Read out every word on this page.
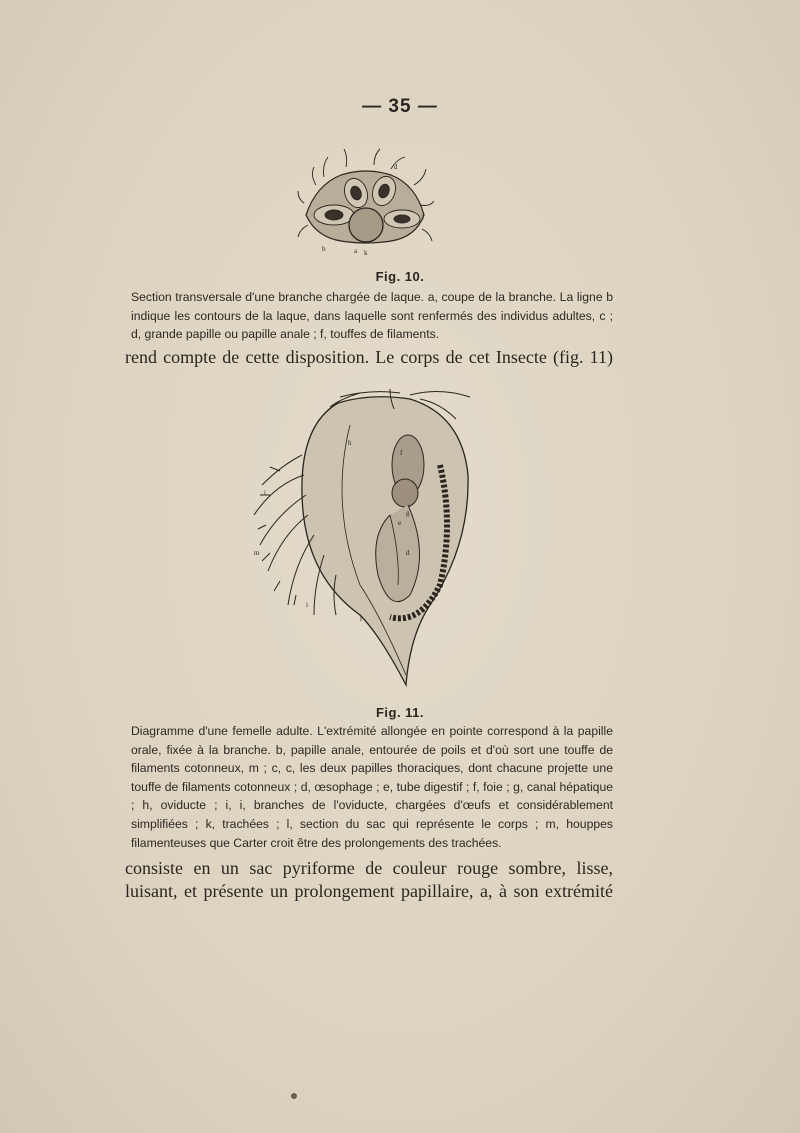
— 35 —
b	a k
d
f
Fig. 10.

Section transversale d'une branche chargée de laque. a, coupe de la branche. La ligne b indique les contours de la laque, dans laquelle sont renfermés des individus adultes, c ; d, grande papille ou papille anale ; f, touffes de filaments.

rend compte de cette disposition. Le corps de cet Insecte (fig. 11)

h
f
g
e
d
i
i
l
m
Fig. 11.

Diagramme d'une femelle adulte. L'extrémité allongée en pointe correspond à la papille orale, fixée à la branche. b, papille anale, entourée de poils et d'où sort une touffe de filaments cotonneux, m ; c, c, les deux papilles thoraciques, dont chacune projette une touffe de filaments cotonneux ; d, œsophage ; e, tube digestif ; f, foie ; g, canal hépatique ; h, oviducte ; i, i, branches de l'oviducte, chargées d'œufs et considérablement simplifiées ; k, trachées ; l, section du sac qui représente le corps ; m, houppes filamenteuses que Carter croit être des prolongements des trachées.

consiste en un sac pyriforme de couleur rouge sombre, lisse, luisant, et présente un prolongement papillaire, a, à son extrémité
